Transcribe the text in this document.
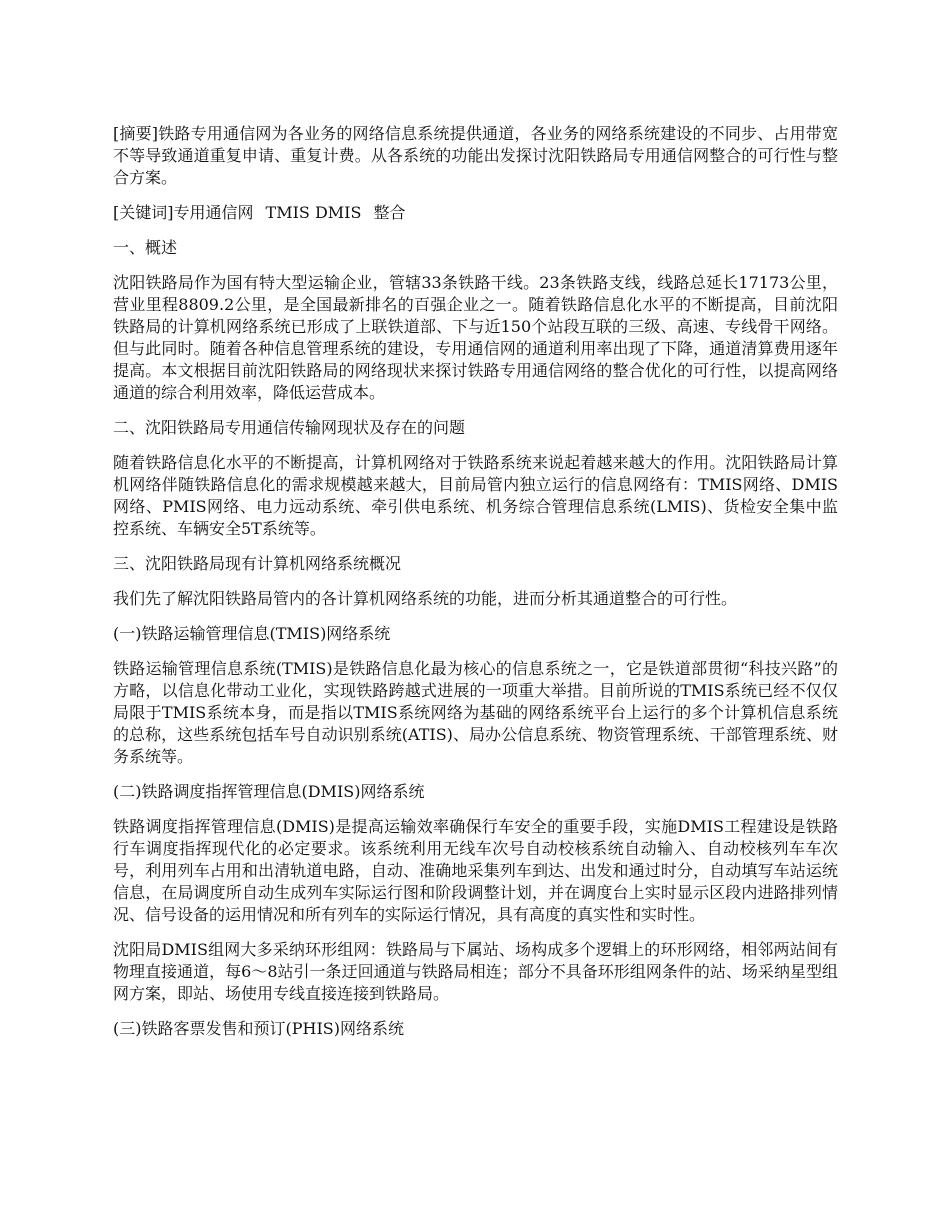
[摘要]铁路专用通信网为各业务的网络信息系统提供通道，各业务的网络系统建设的不同步、占用带宽不等导致通道重复申请、重复计费。从各系统的功能出发探讨沈阳铁路局专用通信网整合的可行性与整合方案。

[关键词]专用通信网 TMIS DMIS 整合

一、概述

沈阳铁路局作为国有特大型运输企业，管辖33条铁路干线。23条铁路支线，线路总延长17173公里，营业里程8809.2公里，是全国最新排名的百强企业之一。随着铁路信息化水平的不断提高，目前沈阳铁路局的计算机网络系统已形成了上联铁道部、下与近150个站段互联的三级、高速、专线骨干网络。但与此同时。随着各种信息管理系统的建设，专用通信网的通道利用率出现了下降，通道清算费用逐年提高。本文根据目前沈阳铁路局的网络现状来探讨铁路专用通信网络的整合优化的可行性，以提高网络通道的综合利用效率，降低运营成本。

二、沈阳铁路局专用通信传输网现状及存在的问题

随着铁路信息化水平的不断提高，计算机网络对于铁路系统来说起着越来越大的作用。沈阳铁路局计算机网络伴随铁路信息化的需求规模越来越大，目前局管内独立运行的信息网络有：TMIS网络、DMIS网络、PMIS网络、电力远动系统、牵引供电系统、机务综合管理信息系统(LMIS)、货检安全集中监控系统、车辆安全5T系统等。

三、沈阳铁路局现有计算机网络系统概况

我们先了解沈阳铁路局管内的各计算机网络系统的功能，进而分析其通道整合的可行性。

(一)铁路运输管理信息(TMIS)网络系统

铁路运输管理信息系统(TMIS)是铁路信息化最为核心的信息系统之一，它是铁道部贯彻“科技兴路”的方略，以信息化带动工业化，实现铁路跨越式进展的一项重大举措。目前所说的TMIS系统已经不仅仅局限于TMIS系统本身，而是指以TMIS系统网络为基础的网络系统平台上运行的多个计算机信息系统的总称，这些系统包括车号自动识别系统(ATIS)、局办公信息系统、物资管理系统、干部管理系统、财务系统等。

(二)铁路调度指挥管理信息(DMIS)网络系统

铁路调度指挥管理信息(DMIS)是提高运输效率确保行车安全的重要手段，实施DMIS工程建设是铁路行车调度指挥现代化的必定要求。该系统利用无线车次号自动校核系统自动输入、自动校核列车车次号，利用列车占用和出清轨道电路，自动、准确地采集列车到达、出发和通过时分，自动填写车站运统信息，在局调度所自动生成列车实际运行图和阶段调整计划，并在调度台上实时显示区段内进路排列情况、信号设备的运用情况和所有列车的实际运行情况，具有高度的真实性和实时性。

沈阳局DMIS组网大多采纳环形组网：铁路局与下属站、场构成多个逻辑上的环形网络，相邻两站间有物理直接通道，每6～8站引一条迂回通道与铁路局相连；部分不具备环形组网条件的站、场采纳星型组网方案，即站、场使用专线直接连接到铁路局。

(三)铁路客票发售和预订(PHIS)网络系统
